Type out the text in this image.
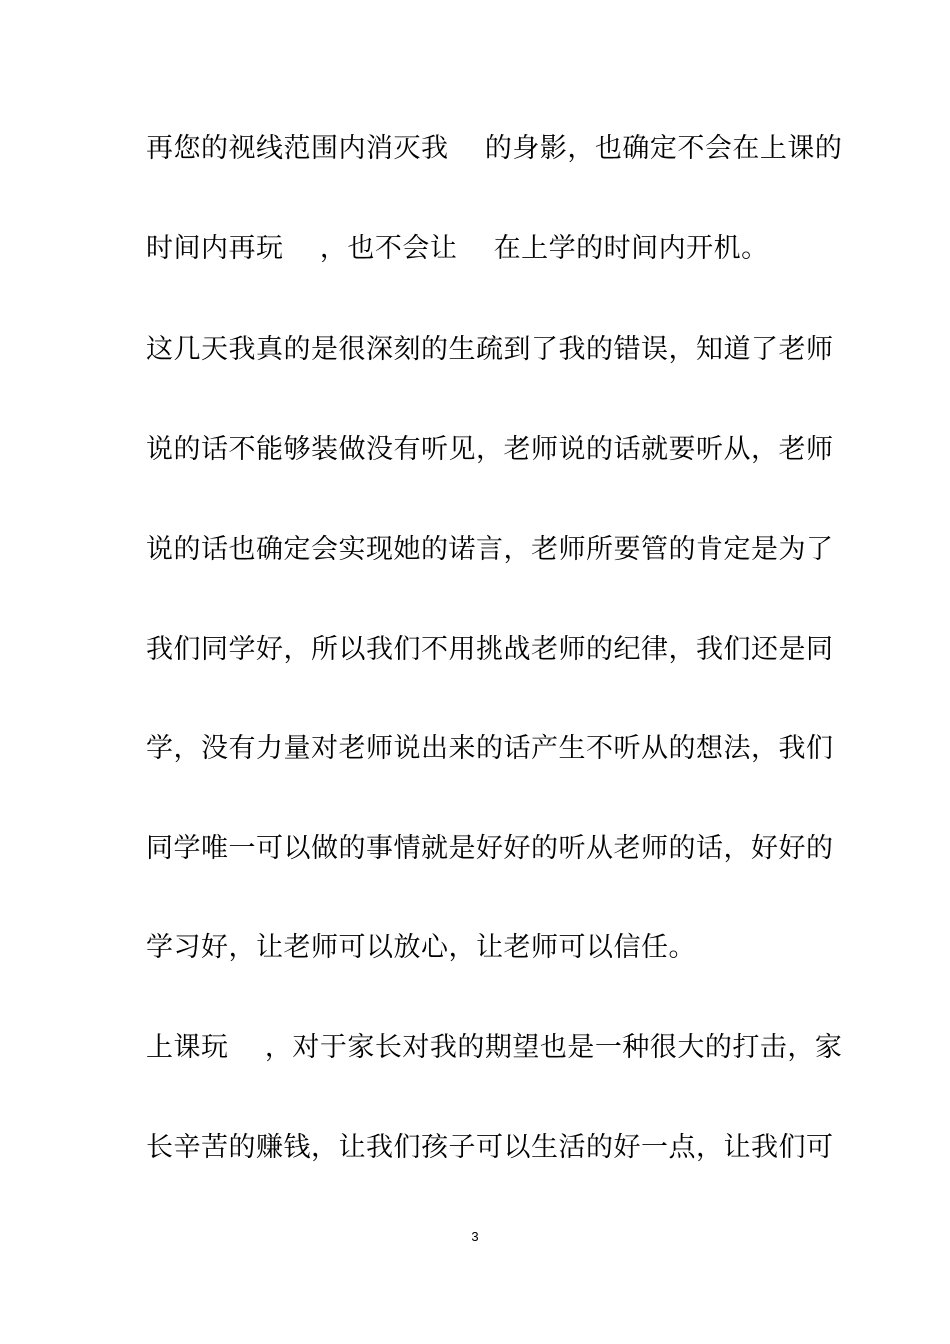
再您的视线范围内消灭我    的身影，也确定不会在上课的
时间内再玩    ，也不会让    在上学的时间内开机。
这几天我真的是很深刻的生疏到了我的错误，知道了老师
说的话不能够装做没有听见，老师说的话就要听从，老师
说的话也确定会实现她的诺言，老师所要管的肯定是为了
我们同学好，所以我们不用挑战老师的纪律，我们还是同
学，没有力量对老师说出来的话产生不听从的想法，我们
同学唯一可以做的事情就是好好的听从老师的话，好好的
学习好，让老师可以放心，让老师可以信任。
上课玩    ，对于家长对我的期望也是一种很大的打击，家
长辛苦的赚钱，让我们孩子可以生活的好一点，让我们可
3
